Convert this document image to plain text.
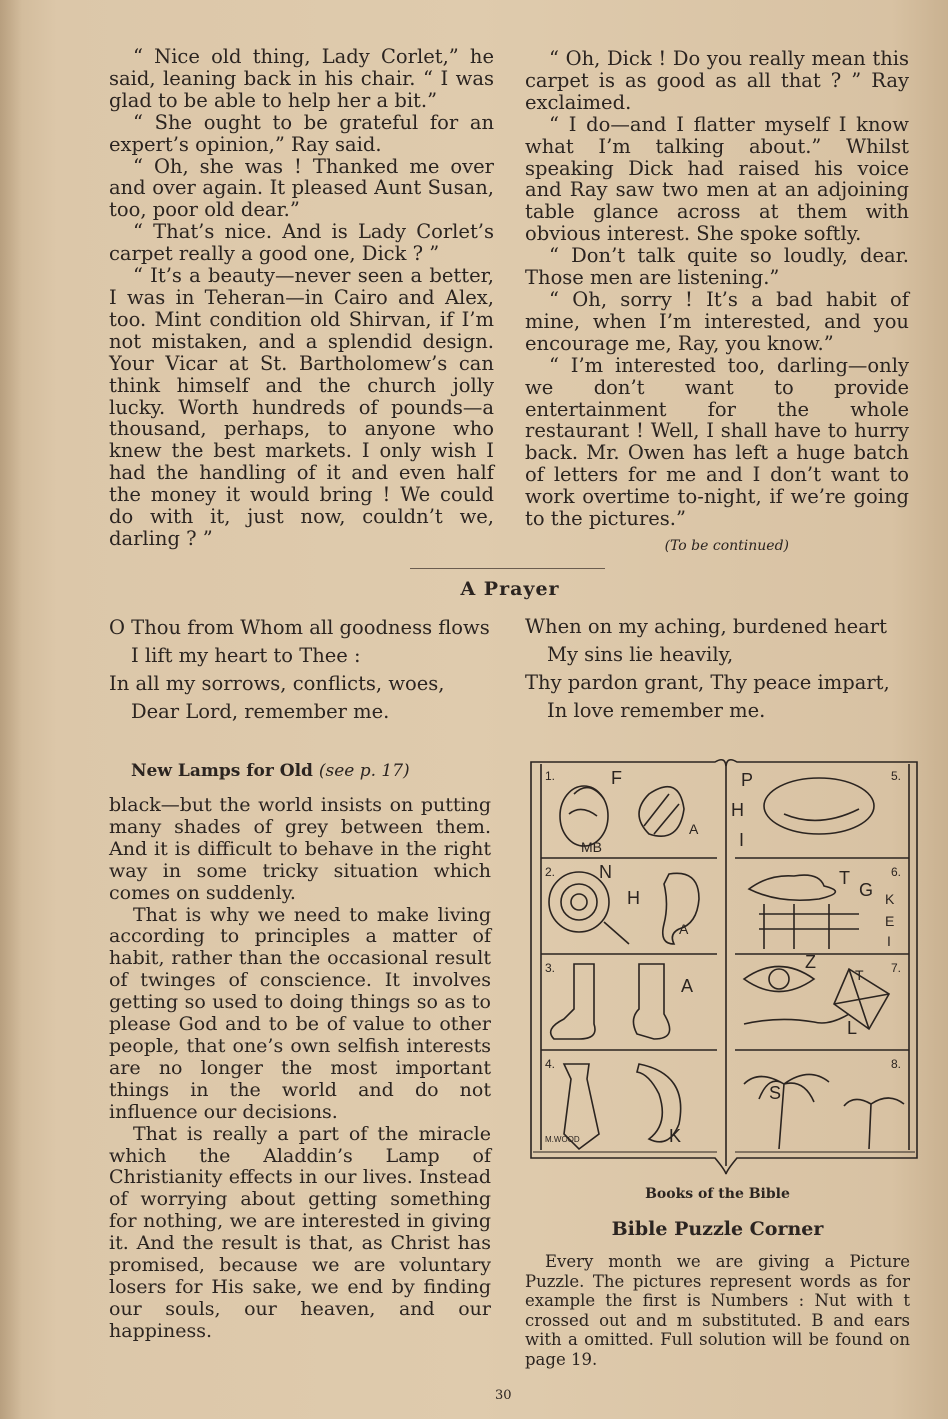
“ Nice old thing, Lady Corlet,” he said, leaning back in his chair. “ I was glad to be able to help her a bit.”

“ She ought to be grateful for an expert’s opinion,” Ray said.

“ Oh, she was ! Thanked me over and over again. It pleased Aunt Susan, too, poor old dear.”

“ That’s nice. And is Lady Corlet’s carpet really a good one, Dick ? ”

“ It’s a beauty—never seen a better, I was in Teheran—in Cairo and Alex, too. Mint condition old Shirvan, if I’m not mistaken, and a splendid design. Your Vicar at St. Bartholomew’s can think himself and the church jolly lucky. Worth hundreds of pounds—a thousand, perhaps, to anyone who knew the best markets. I only wish I had the handling of it and even half the money it would bring ! We could do with it, just now, couldn’t we, darling ? ”

“ Oh, Dick ! Do you really mean this carpet is as good as all that ? ” Ray exclaimed.

“ I do—and I flatter myself I know what I’m talking about.” Whilst speaking Dick had raised his voice and Ray saw two men at an adjoining table glance across at them with obvious interest. She spoke softly.

“ Don’t talk quite so loudly, dear. Those men are listening.”

“ Oh, sorry ! It’s a bad habit of mine, when I’m interested, and you encourage me, Ray, you know.”

“ I’m interested too, darling—only we don’t want to provide entertainment for the whole restaurant ! Well, I shall have to hurry back. Mr. Owen has left a huge batch of letters for me and I don’t want to work overtime to-night, if we’re going to the pictures.”

(To be continued)
A Prayer
O Thou from Whom all goodness flows
I lift my heart to Thee :
In all my sorrows, conflicts, woes,
Dear Lord, remember me.
When on my aching, burdened heart
My sins lie heavily,
Thy pardon grant, Thy peace impart,
In love remember me.
New Lamps for Old (see p. 17)

black—but the world insists on putting many shades of grey between them. And it is difficult to behave in the right way in some tricky situation which comes on suddenly.

That is why we need to make living according to principles a matter of habit, rather than the occasional result of twinges of conscience. It involves getting so used to doing things so as to please God and to be of value to other people, that one’s own selfish interests are no longer the most important things in the world and do not influence our decisions.

That is really a part of the miracle which the Aladdin’s Lamp of Christianity effects in our lives. Instead of worrying about getting something for nothing, we are interested in giving it. And the result is that, as Christ has promised, because we are voluntary losers for His sake, we end by finding our souls, our heaven, and our happiness.

1.
2.
3.
4.
5.
6.
7.
8.
F
A
MB
P
H
I
N
H
A
T
G K
E
I
A
Z
T
L
K
S
M.WOOD
Books of the Bible
Bible Puzzle Corner

Every month we are giving a Picture Puzzle. The pictures represent words as for example the first is Numbers : Nut with t crossed out and m substituted. B and ears with a omitted. Full solution will be found on page 19.

30
